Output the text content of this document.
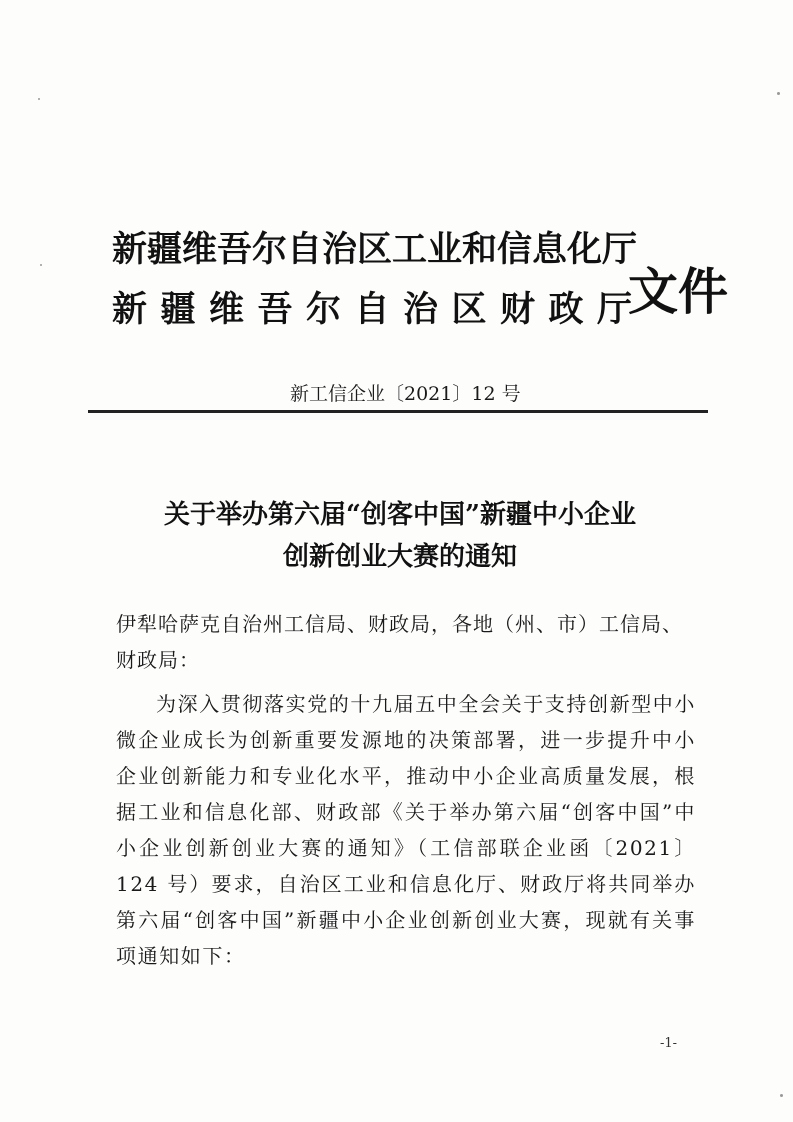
新疆维吾尔自治区工业和信息化厅
新疆维吾尔自治区财政厅
文件
新工信企业〔2021〕12 号
关于举办第六届“创客中国”新疆中小企业
创新创业大赛的通知
伊犁哈萨克自治州工信局、财政局，各地（州、市）工信局、财政局：
为深入贯彻落实党的十九届五中全会关于支持创新型中小微企业成长为创新重要发源地的决策部署，进一步提升中小企业创新能力和专业化水平，推动中小企业高质量发展，根据工业和信息化部、财政部《关于举办第六届“创客中国”中小企业创新创业大赛的通知》（工信部联企业函〔2021〕124 号）要求，自治区工业和信息化厅、财政厅将共同举办第六届“创客中国”新疆中小企业创新创业大赛，现就有关事项通知如下：
-1-
